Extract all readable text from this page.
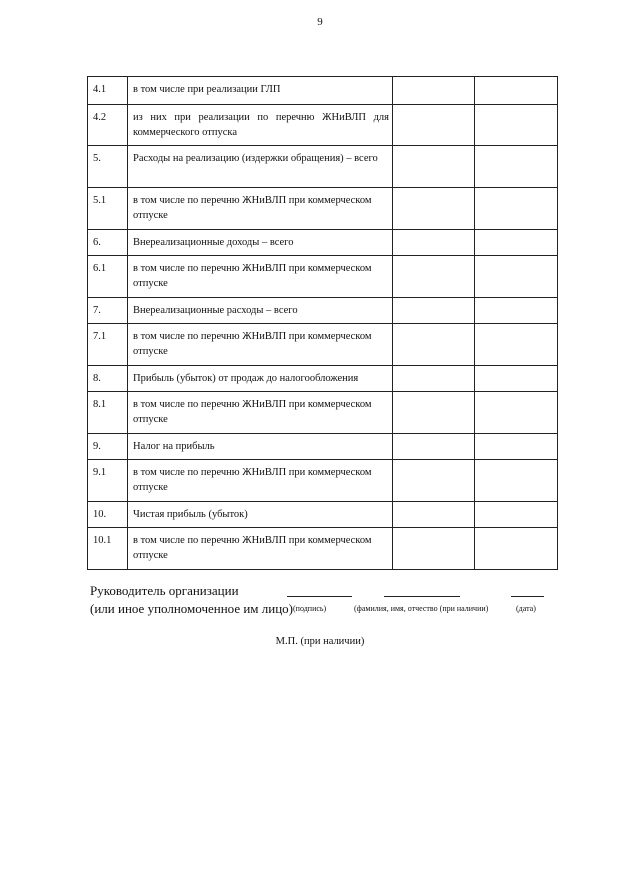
9
4.1	в том числе при реализации ГЛП		
4.2	из них при реализации по перечню ЖНиВЛП для коммерческого отпуска		
5.	Расходы на реализацию (издержки обращения) – всего		
5.1	в том числе по перечню ЖНиВЛП при коммерческом отпуске		
6.	Внереализационные доходы – всего		
6.1	в том числе по перечню ЖНиВЛП при коммерческом отпуске		
7.	Внереализационные расходы – всего		
7.1	в том числе по перечню ЖНиВЛП при коммерческом отпуске		
8.	Прибыль (убыток) от продаж до налогообложения		
8.1	в том числе по перечню ЖНиВЛП при коммерческом отпуске		
9.	Налог на прибыль		
9.1	в том числе по перечню ЖНиВЛП при коммерческом отпуске		
10.	Чистая прибыль (убыток)		
10.1	в том числе по перечню ЖНиВЛП при коммерческом отпуске		
Руководитель организации
(или иное уполномоченное им лицо) (подпись)	(фамилия, имя, отчество (при наличии)	(дата)
М.П. (при наличии)
